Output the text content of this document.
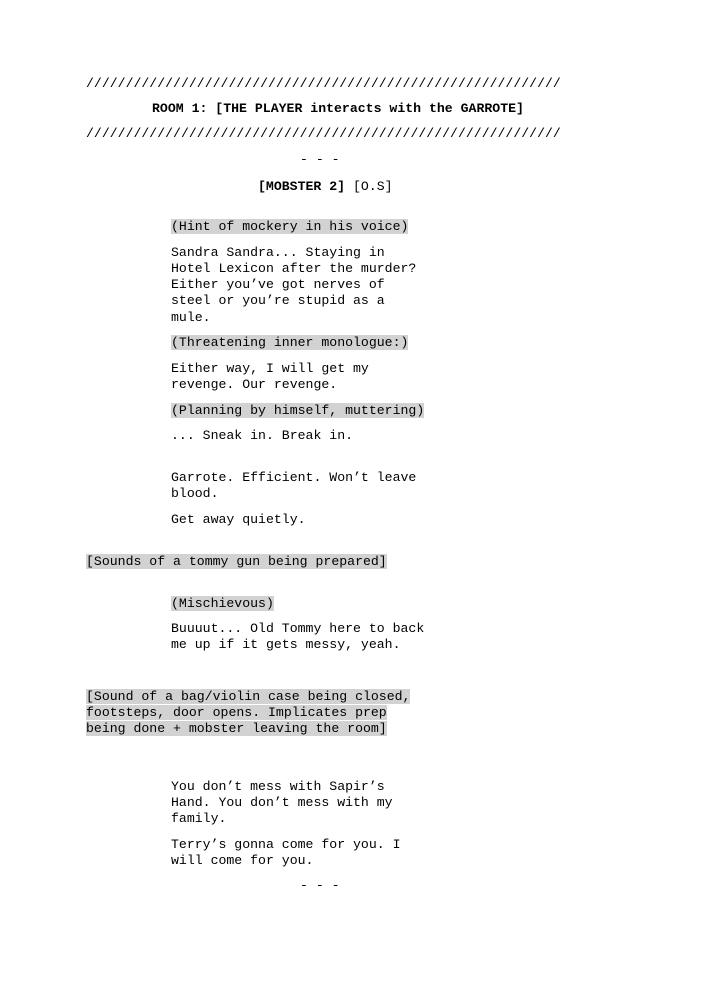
////////////////////////////////////////////////////////////
ROOM 1: [THE PLAYER interacts with the GARROTE]
////////////////////////////////////////////////////////////
- - -
[MOBSTER 2] [O.S]
(Hint of mockery in his voice)
Sandra Sandra... Staying in
Hotel Lexicon after the murder?
Either you’ve got nerves of
steel or you’re stupid as a
mule.
(Threatening inner monologue:)
Either way, I will get my
revenge. Our revenge.
(Planning by himself, muttering)
... Sneak in. Break in.
Garrote. Efficient. Won’t leave
blood.
Get away quietly.
[Sounds of a tommy gun being prepared]
(Mischievous)
Buuuut... Old Tommy here to back
me up if it gets messy, yeah.
[Sound of a bag/violin case being closed,
footsteps, door opens. Implicates prep
being done + mobster leaving the room]
You don’t mess with Sapir’s
Hand. You don’t mess with my
family.
Terry’s gonna come for you. I
will come for you.
- - -
